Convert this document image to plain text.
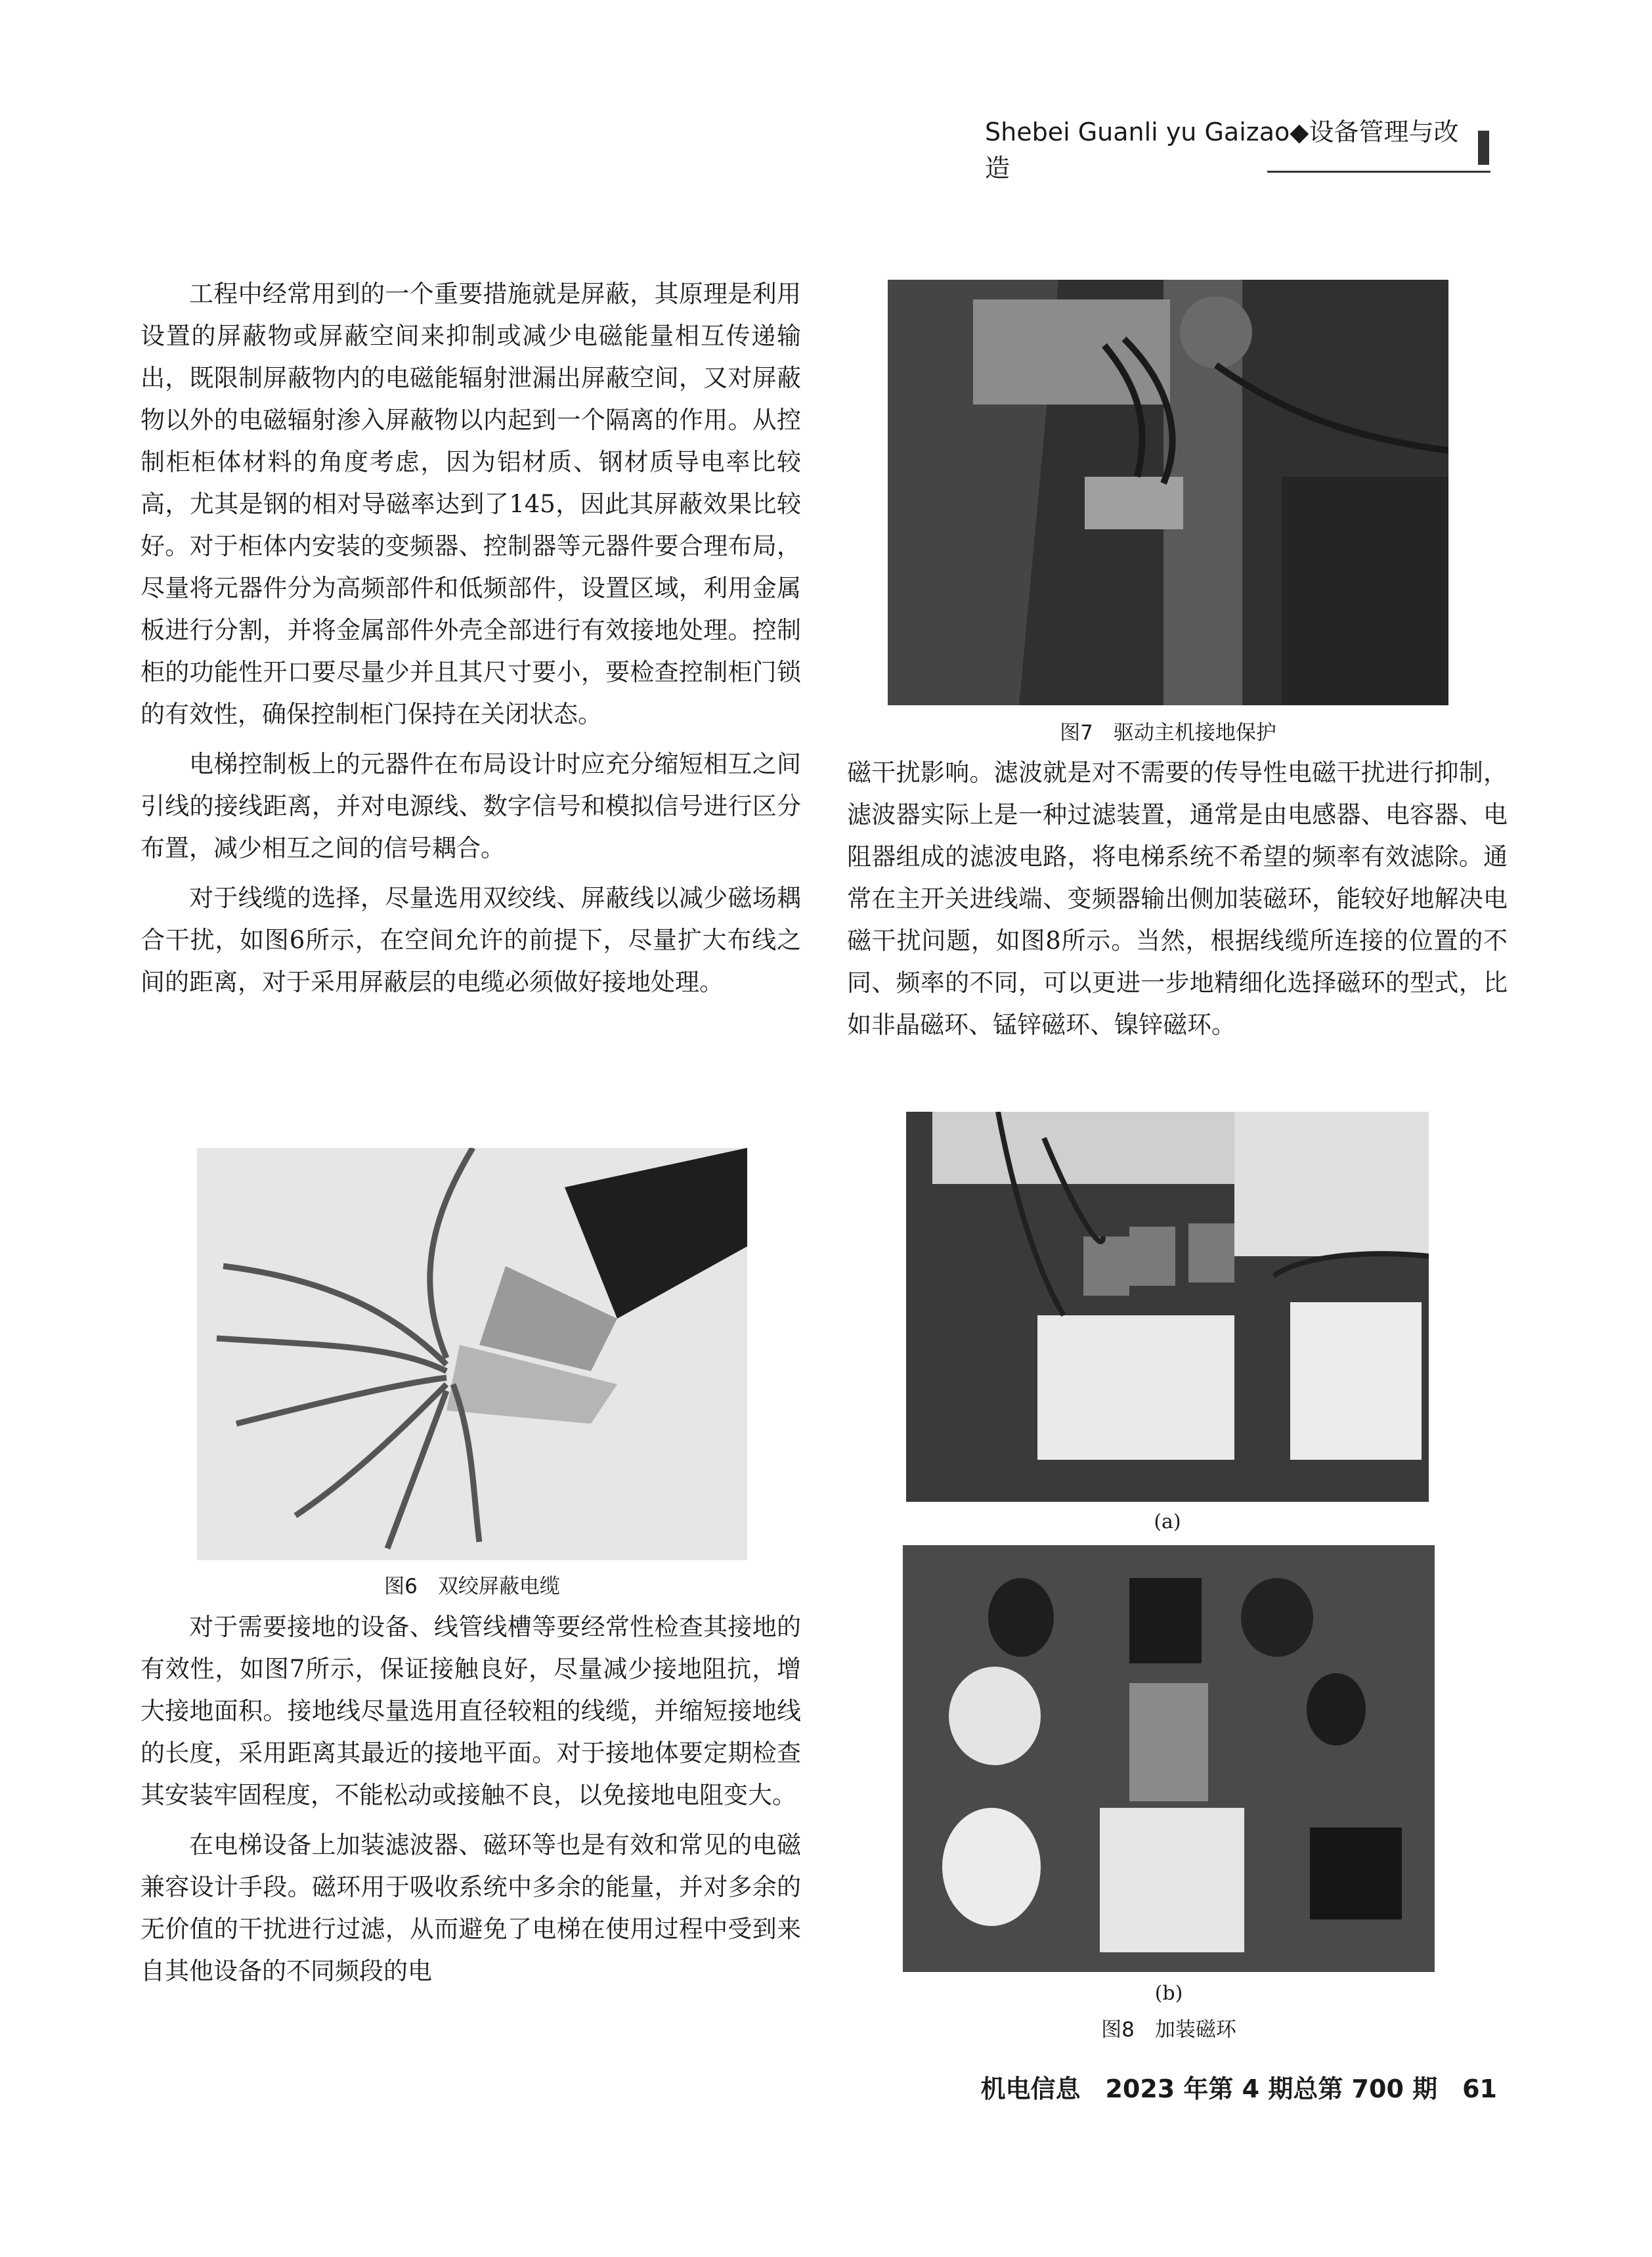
Shebei Guanli yu Gaizao◆设备管理与改造

工程中经常用到的一个重要措施就是屏蔽，其原理是利用设置的屏蔽物或屏蔽空间来抑制或减少电磁能量相互传递输出，既限制屏蔽物内的电磁能辐射泄漏出屏蔽空间，又对屏蔽物以外的电磁辐射渗入屏蔽物以内起到一个隔离的作用。从控制柜柜体材料的角度考虑，因为铝材质、钢材质导电率比较高，尤其是钢的相对导磁率达到了145，因此其屏蔽效果比较好。对于柜体内安装的变频器、控制器等元器件要合理布局，尽量将元器件分为高频部件和低频部件，设置区域，利用金属板进行分割，并将金属部件外壳全部进行有效接地处理。控制柜的功能性开口要尽量少并且其尺寸要小，要检查控制柜门锁的有效性，确保控制柜门保持在关闭状态。

电梯控制板上的元器件在布局设计时应充分缩短相互之间引线的接线距离，并对电源线、数字信号和模拟信号进行区分布置，减少相互之间的信号耦合。

对于线缆的选择，尽量选用双绞线、屏蔽线以减少磁场耦合干扰，如图6所示，在空间允许的前提下，尽量扩大布线之间的距离，对于采用屏蔽层的电缆必须做好接地处理。

图6　双绞屏蔽电缆

对于需要接地的设备、线管线槽等要经常性检查其接地的有效性，如图7所示，保证接触良好，尽量减少接地阻抗，增大接地面积。接地线尽量选用直径较粗的线缆，并缩短接地线的长度，采用距离其最近的接地平面。对于接地体要定期检查其安装牢固程度，不能松动或接触不良，以免接地电阻变大。

在电梯设备上加装滤波器、磁环等也是有效和常见的电磁兼容设计手段。磁环用于吸收系统中多余的能量，并对多余的无价值的干扰进行过滤，从而避免了电梯在使用过程中受到来自其他设备的不同频段的电

图7　驱动主机接地保护

磁干扰影响。滤波就是对不需要的传导性电磁干扰进行抑制，滤波器实际上是一种过滤装置，通常是由电感器、电容器、电阻器组成的滤波电路，将电梯系统不希望的频率有效滤除。通常在主开关进线端、变频器输出侧加装磁环，能较好地解决电磁干扰问题，如图8所示。当然，根据线缆所连接的位置的不同、频率的不同，可以更进一步地精细化选择磁环的型式，比如非晶磁环、锰锌磁环、镍锌磁环。

(a)
(b)
图8　加装磁环
机电信息　2023 年第 4 期总第 700 期　61
